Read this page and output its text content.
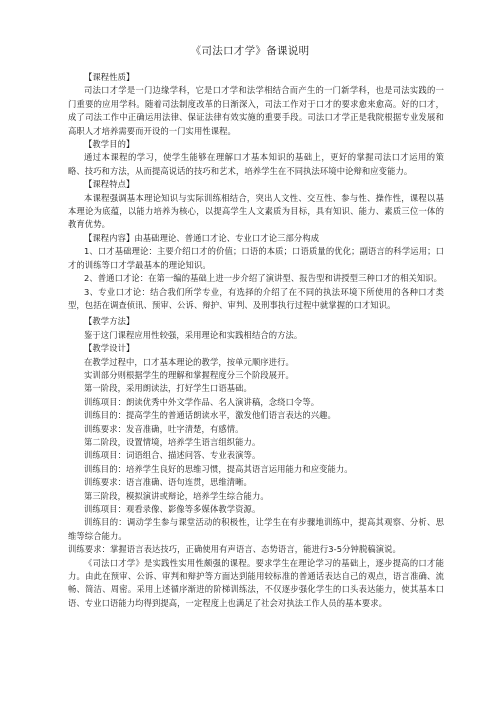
《司法口才学》备课说明

【课程性质】

司法口才学是一门边缘学科，它是口才学和法学相结合而产生的一门新学科，也是司法实践的一门重要的应用学科。随着司法制度改革的日渐深入，司法工作对于口才的要求愈来愈高。好的口才，成了司法工作中正确运用法律、保证法律有效实施的重要手段。司法口才学正是我院根据专业发展和高职人才培养需要而开设的一门实用性课程。

【教学目的】

通过本课程的学习，使学生能够在理解口才基本知识的基础上，更好的掌握司法口才运用的策略、技巧和方法，从而提高说话的技巧和艺术，培养学生在不同执法环境中论辩和应变能力。

【课程特点】

本课程强调基本理论知识与实际训练相结合，突出人文性、交互性、参与性、操作性，课程以基本理论为底蕴，以能力培养为核心，以提高学生人文素质为目标，具有知识、能力、素质三位一体的教育优势。

【课程内容】由基础理论、普通口才论、专业口才论三部分构成

1、口才基础理论：主要介绍口才的价值；口语的本质；口语质量的优化；副语言的科学运用；口才的训练等口才学最基本的理论知识。

2、普通口才论：在第一编的基础上进一步介绍了演讲型、报告型和讲授型三种口才的相关知识。

3、专业口才论：结合我们所学专业，有选择的介绍了在不同的执法环境下所使用的各种口才类型，包括在调查侦讯、预审、公诉、辩护、审判、及刑事执行过程中就掌握的口才知识。

【教学方法】

鉴于这门课程应用性较强，采用理论和实践相结合的方法。

【教学设计】

在教学过程中，口才基本理论的教学，按单元顺序进行。

实训部分则根据学生的理解和掌握程度分三个阶段展开。

第一阶段，采用朗读法，打好学生口语基础。

训练项目：朗读优秀中外文学作品、名人演讲稿，念绕口令等。

训练目的：提高学生的普通话朗读水平，激发他们语言表达的兴趣。

训练要求：发音准确，吐字清楚，有感情。

第二阶段，设置情境，培养学生语言组织能力。

训练项目：词语组合、描述问答、专业表演等。

训练目的：培养学生良好的思维习惯，提高其语言运用能力和应变能力。

训练要求：语言准确、语句连贯，思维清晰。

第三阶段，模拟演讲或辩论，培养学生综合能力。

训练项目：观看录像、影像等多媒体教学资源。

训练目的：调动学生参与课堂活动的积极性，让学生在有步骤地训练中，提高其观察、分析、思维等综合能力。

训练要求：掌握语言表达技巧，正确使用有声语言、态势语言，能进行3-5分钟脱稿演说。

《司法口才学》是实践性实用性颇强的课程。要求学生在理论学习的基础上，逐步提高的口才能力。由此在预审、公诉、审判和辩护等方面达到能用较标准的普通话表达自己的观点，语言准确、流畅、简洁、周密。采用上述循序渐进的阶梯训练法，不仅逐步强化学生的口头表达能力，使其基本口语、专业口语能力均得到提高，一定程度上也满足了社会对执法工作人员的基本要求。
